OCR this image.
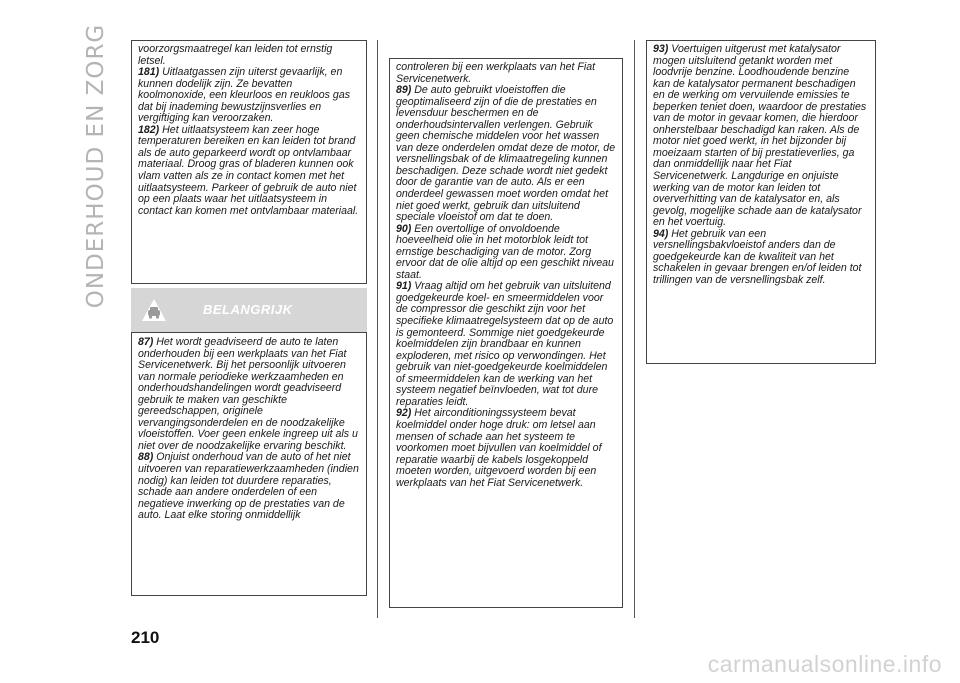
ONDERHOUD EN ZORG	voorzorgsmaatregel kan leiden tot ernstig letsel.

181) Uitlaatgassen zijn uiterst gevaarlijk, en kunnen dodelijk zijn. Ze bevatten koolmonoxide, een kleurloos en reukloos gas dat bij inademing bewustzijnsverlies en vergiftiging kan veroorzaken.

182) Het uitlaatsysteem kan zeer hoge temperaturen bereiken en kan leiden tot brand als de auto geparkeerd wordt op ontvlambaar materiaal. Droog gras of bladeren kunnen ook vlam vatten als ze in contact komen met het uitlaatsysteem. Parkeer of gebruik de auto niet op een plaats waar het uitlaatsysteem in contact kan komen met ontvlambaar materiaal.

BELANGRIJK

87) Het wordt geadviseerd de auto te laten onderhouden bij een werkplaats van het Fiat Servicenetwerk. Bij het persoonlijk uitvoeren van normale periodieke werkzaamheden en onderhoudshandelingen wordt geadviseerd gebruik te maken van geschikte gereedschappen, originele vervangingsonderdelen en de noodzakelijke vloeistoffen. Voer geen enkele ingreep uit als u niet over de noodzakelijke ervaring beschikt.

88) Onjuist onderhoud van de auto of het niet uitvoeren van reparatiewerkzaamheden (indien nodig) kan leiden tot duurdere reparaties, schade aan andere onderdelen of een negatieve inwerking op de prestaties van de auto. Laat elke storing onmiddellijk

controleren bij een werkplaats van het Fiat Servicenetwerk.

89) De auto gebruikt vloeistoffen die geoptimaliseerd zijn of die de prestaties en levensduur beschermen en de onderhoudsintervallen verlengen. Gebruik geen chemische middelen voor het wassen van deze onderdelen omdat deze de motor, de versnellingsbak of de klimaatregeling kunnen beschadigen. Deze schade wordt niet gedekt door de garantie van de auto. Als er een onderdeel gewassen moet worden omdat het niet goed werkt, gebruik dan uitsluitend speciale vloeistof om dat te doen.

90) Een overtollige of onvoldoende hoeveelheid olie in het motorblok leidt tot ernstige beschadiging van de motor. Zorg ervoor dat de olie altijd op een geschikt niveau staat.

91) Vraag altijd om het gebruik van uitsluitend goedgekeurde koel- en smeermiddelen voor de compressor die geschikt zijn voor het specifieke klimaatregelsysteem dat op de auto is gemonteerd. Sommige niet goedgekeurde koelmiddelen zijn brandbaar en kunnen exploderen, met risico op verwondingen. Het gebruik van niet-goedgekeurde koelmiddelen of smeermiddelen kan de werking van het systeem negatief beïnvloeden, wat tot dure reparaties leidt.

92) Het airconditioningssysteem bevat koelmiddel onder hoge druk: om letsel aan mensen of schade aan het systeem te voorkomen moet bijvullen van koelmiddel of reparatie waarbij de kabels losgekoppeld moeten worden, uitgevoerd worden bij een werkplaats van het Fiat Servicenetwerk.

93) Voertuigen uitgerust met katalysator mogen uitsluitend getankt worden met loodvrije benzine. Loodhoudende benzine kan de katalysator permanent beschadigen en de werking om vervuilende emissies te beperken teniet doen, waardoor de prestaties van de motor in gevaar komen, die hierdoor onherstelbaar beschadigd kan raken. Als de motor niet goed werkt, in het bijzonder bij moeizaam starten of bij prestatieverlies, ga dan onmiddellijk naar het Fiat Servicenetwerk. Langdurige en onjuiste werking van de motor kan leiden tot oververhitting van de katalysator en, als gevolg, mogelijke schade aan de katalysator en het voertuig.

94) Het gebruik van een versnellingsbakvloeistof anders dan de goedgekeurde kan de kwaliteit van het schakelen in gevaar brengen en/of leiden tot trillingen van de versnellingsbak zelf.

210
carmanualsonline.info
